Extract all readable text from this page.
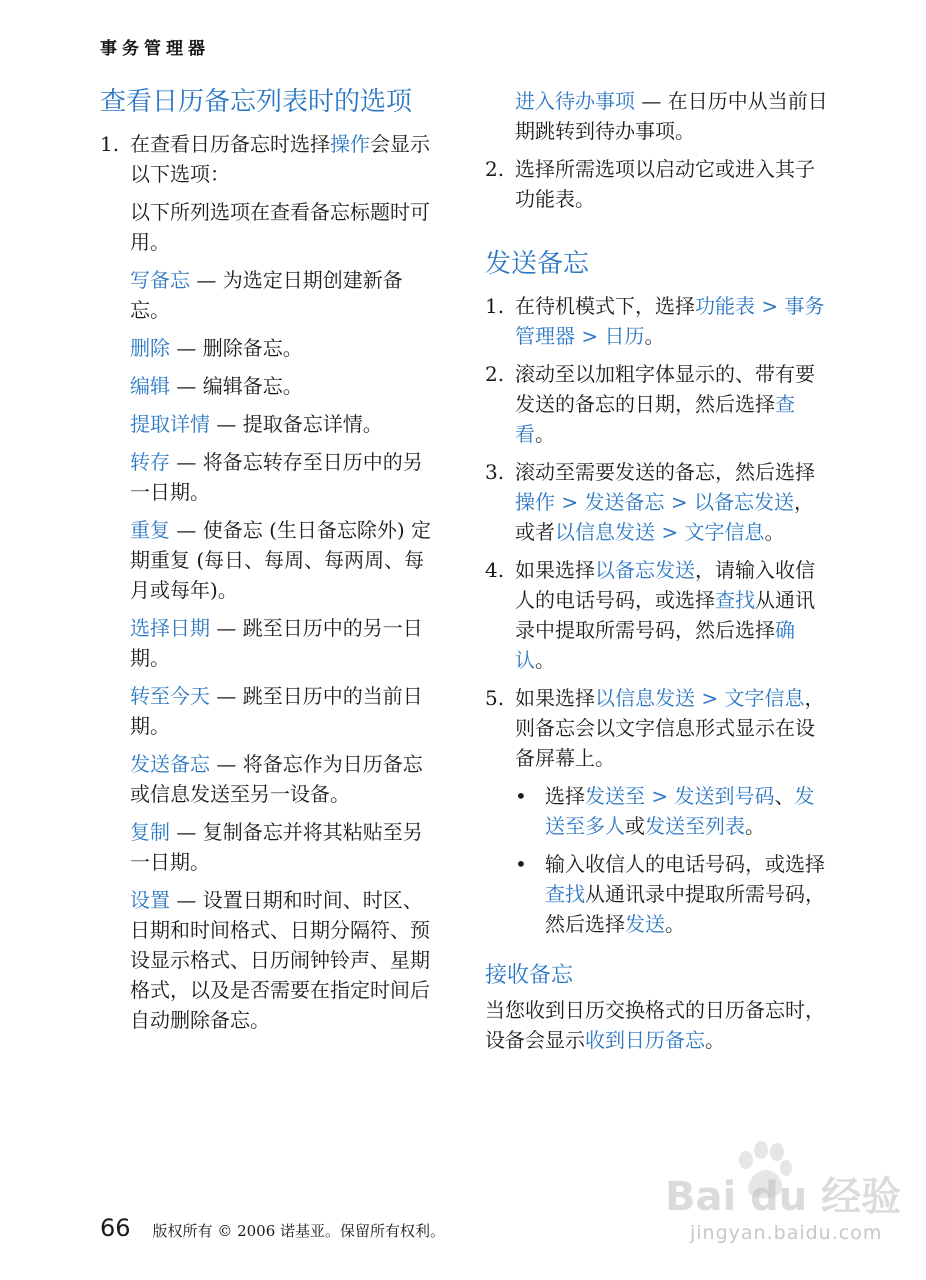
事务管理器
查看日历备忘列表时的选项
1. 在查看日历备忘时选择操作会显示以下选项：

以下所列选项在查看备忘标题时可用。

写备忘 — 为选定日期创建新备忘。
删除 — 删除备忘。
编辑 — 编辑备忘。
提取详情 — 提取备忘详情。
转存 — 将备忘转存至日历中的另一日期。
重复 — 使备忘 (生日备忘除外) 定期重复 (每日、每周、每两周、每月或每年)。
选择日期 — 跳至日历中的另一日期。
转至今天 — 跳至日历中的当前日期。
发送备忘 — 将备忘作为日历备忘或信息发送至另一设备。
复制 — 复制备忘并将其粘贴至另一日期。
设置 — 设置日期和时间、时区、日期和时间格式、日期分隔符、预设显示格式、日历闹钟铃声、星期格式，以及是否需要在指定时间后自动删除备忘。
进入待办事项 — 在日历中从当前日期跳转到待办事项。
2. 选择所需选项以启动它或进入其子功能表。
发送备忘
1. 在待机模式下，选择功能表 > 事务管理器 > 日历。
2. 滚动至以加粗字体显示的、带有要发送的备忘的日期，然后选择查看。
3. 滚动至需要发送的备忘，然后选择操作 > 发送备忘 > 以备忘发送，或者以信息发送 > 文字信息。
4. 如果选择以备忘发送，请输入收信人的电话号码，或选择查找从通讯录中提取所需号码，然后选择确认。
5. 如果选择以信息发送 > 文字信息，则备忘会以文字信息形式显示在设备屏幕上。
• 选择发送至 > 发送到号码、发送至多人或发送至列表。
• 输入收信人的电话号码，或选择查找从通讯录中提取所需号码，然后选择发送。
接收备忘

当您收到日历交换格式的日历备忘时，设备会显示收到日历备忘。

Bai du 经验
jingyan.baidu.com
66 版权所有 © 2006 诺基亚。保留所有权利。
